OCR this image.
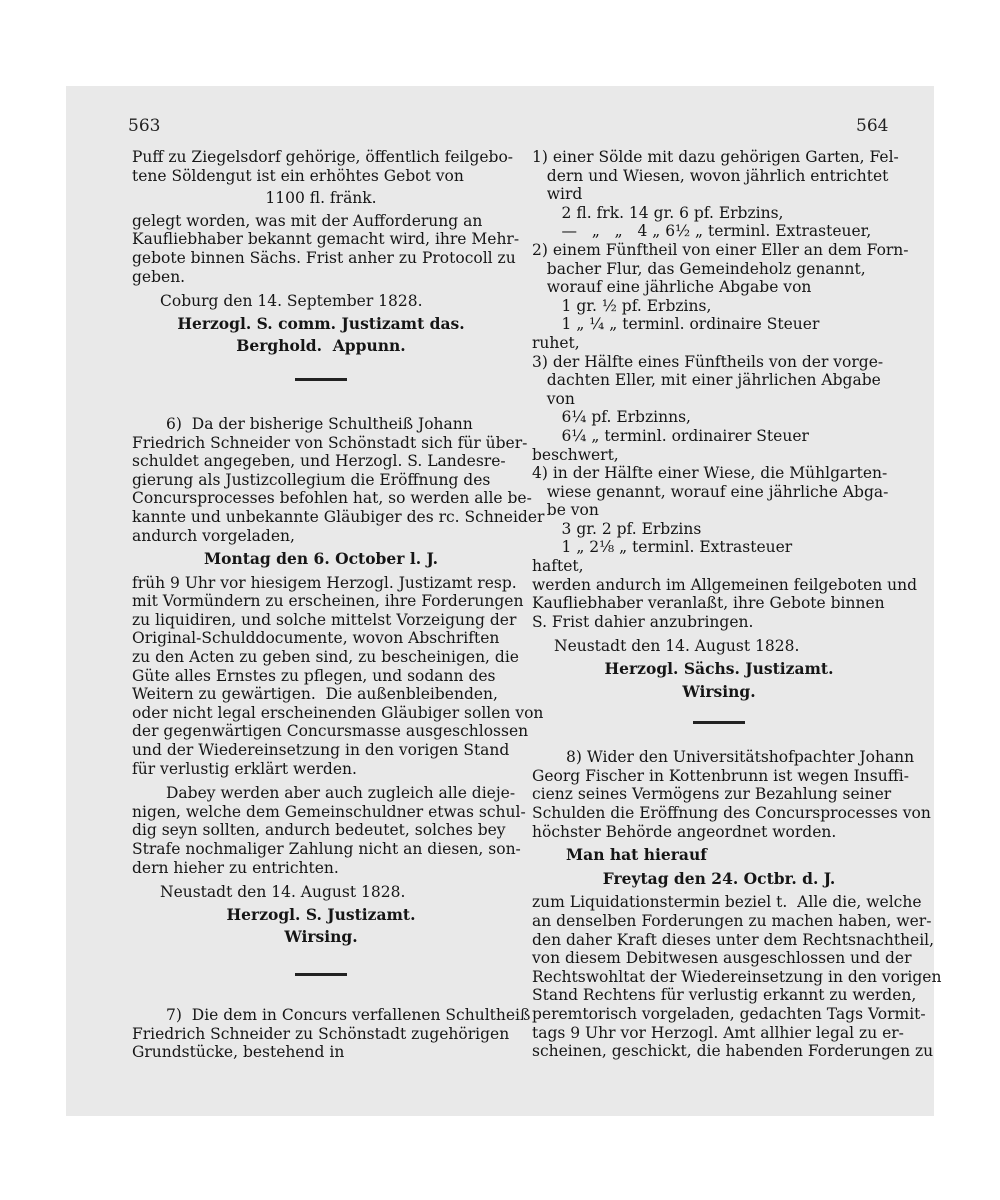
563	564

Puff zu Ziegelsdorf gehörige, öffentlich feilgebo-

tene Söldengut ist ein erhöhtes Gebot von

1100 fl. fränk.

gelegt worden, was mit der Aufforderung an

Kaufliebhaber bekannt gemacht wird, ihre Mehr-

gebote binnen Sächs. Frist anher zu Protocoll zu

geben.

Coburg den 14. September 1828.

Herzogl. S. comm. Justizamt das.

Berghold.  Appunn.

6)  Da der bisherige Schultheiß Johann

Friedrich Schneider von Schönstadt sich für über-

schuldet angegeben, und Herzogl. S. Landesre-

gierung als Justizcollegium die Eröffnung des

Concursprocesses befohlen hat, so werden alle be-

kannte und unbekannte Gläubiger des rc. Schneider

andurch vorgeladen,

Montag den 6. October l. J.

früh 9 Uhr vor hiesigem Herzogl. Justizamt resp.

mit Vormündern zu erscheinen, ihre Forderungen

zu liquidiren, und solche mittelst Vorzeigung der

Original-Schulddocumente, wovon Abschriften

zu den Acten zu geben sind, zu bescheinigen, die

Güte alles Ernstes zu pflegen, und sodann des

Weitern zu gewärtigen.  Die außenbleibenden,

oder nicht legal erscheinenden Gläubiger sollen von

der gegenwärtigen Concursmasse ausgeschlossen

und der Wiedereinsetzung in den vorigen Stand

für verlustig erklärt werden.

Dabey werden aber auch zugleich alle dieje-

nigen, welche dem Gemeinschuldner etwas schul-

dig seyn sollten, andurch bedeutet, solches bey

Strafe nochmaliger Zahlung nicht an diesen, son-

dern hieher zu entrichten.

Neustadt den 14. August 1828.

Herzogl. S. Justizamt.

Wirsing.

7)  Die dem in Concurs verfallenen Schultheiß

Friedrich Schneider zu Schönstadt zugehörigen

Grundstücke, bestehend in

1) einer Sölde mit dazu gehörigen Garten, Fel-

dern und Wiesen, wovon jährlich entrichtet

wird

2 fl. frk. 14 gr. 6 pf. Erbzins,

—   „   „   4 „ 6½ „ terminl. Extrasteuer,

2) einem Fünftheil von einer Eller an dem Forn-

bacher Flur, das Gemeindeholz genannt,

worauf eine jährliche Abgabe von

1 gr. ½ pf. Erbzins,

1 „ ¼ „ terminl. ordinaire Steuer

ruhet,

3) der Hälfte eines Fünftheils von der vorge-

dachten Eller, mit einer jährlichen Abgabe

von

6¼ pf. Erbzinns,

6¼ „ terminl. ordinairer Steuer

beschwert,

4) in der Hälfte einer Wiese, die Mühlgarten-

wiese genannt, worauf eine jährliche Abga-

be von

3 gr. 2 pf. Erbzins

1 „ 2⅛ „ terminl. Extrasteuer

haftet,

werden andurch im Allgemeinen feilgeboten und

Kaufliebhaber veranlaßt, ihre Gebote binnen

S. Frist dahier anzubringen.

Neustadt den 14. August 1828.

Herzogl. Sächs. Justizamt.

Wirsing.

8) Wider den Universitätshofpachter Johann

Georg Fischer in Kottenbrunn ist wegen Insuffi-

cienz seines Vermögens zur Bezahlung seiner

Schulden die Eröffnung des Concursprocesses von

höchster Behörde angeordnet worden.

Man hat hierauf

Freytag den 24. Octbr. d. J.

zum Liquidationstermin beziel t.  Alle die, welche

an denselben Forderungen zu machen haben, wer-

den daher Kraft dieses unter dem Rechtsnachtheil,

von diesem Debitwesen ausgeschlossen und der

Rechtswohltat der Wiedereinsetzung in den vorigen

Stand Rechtens für verlustig erkannt zu werden,

peremtorisch vorgeladen, gedachten Tags Vormit-

tags 9 Uhr vor Herzogl. Amt allhier legal zu er-

scheinen, geschickt, die habenden Forderungen zu
